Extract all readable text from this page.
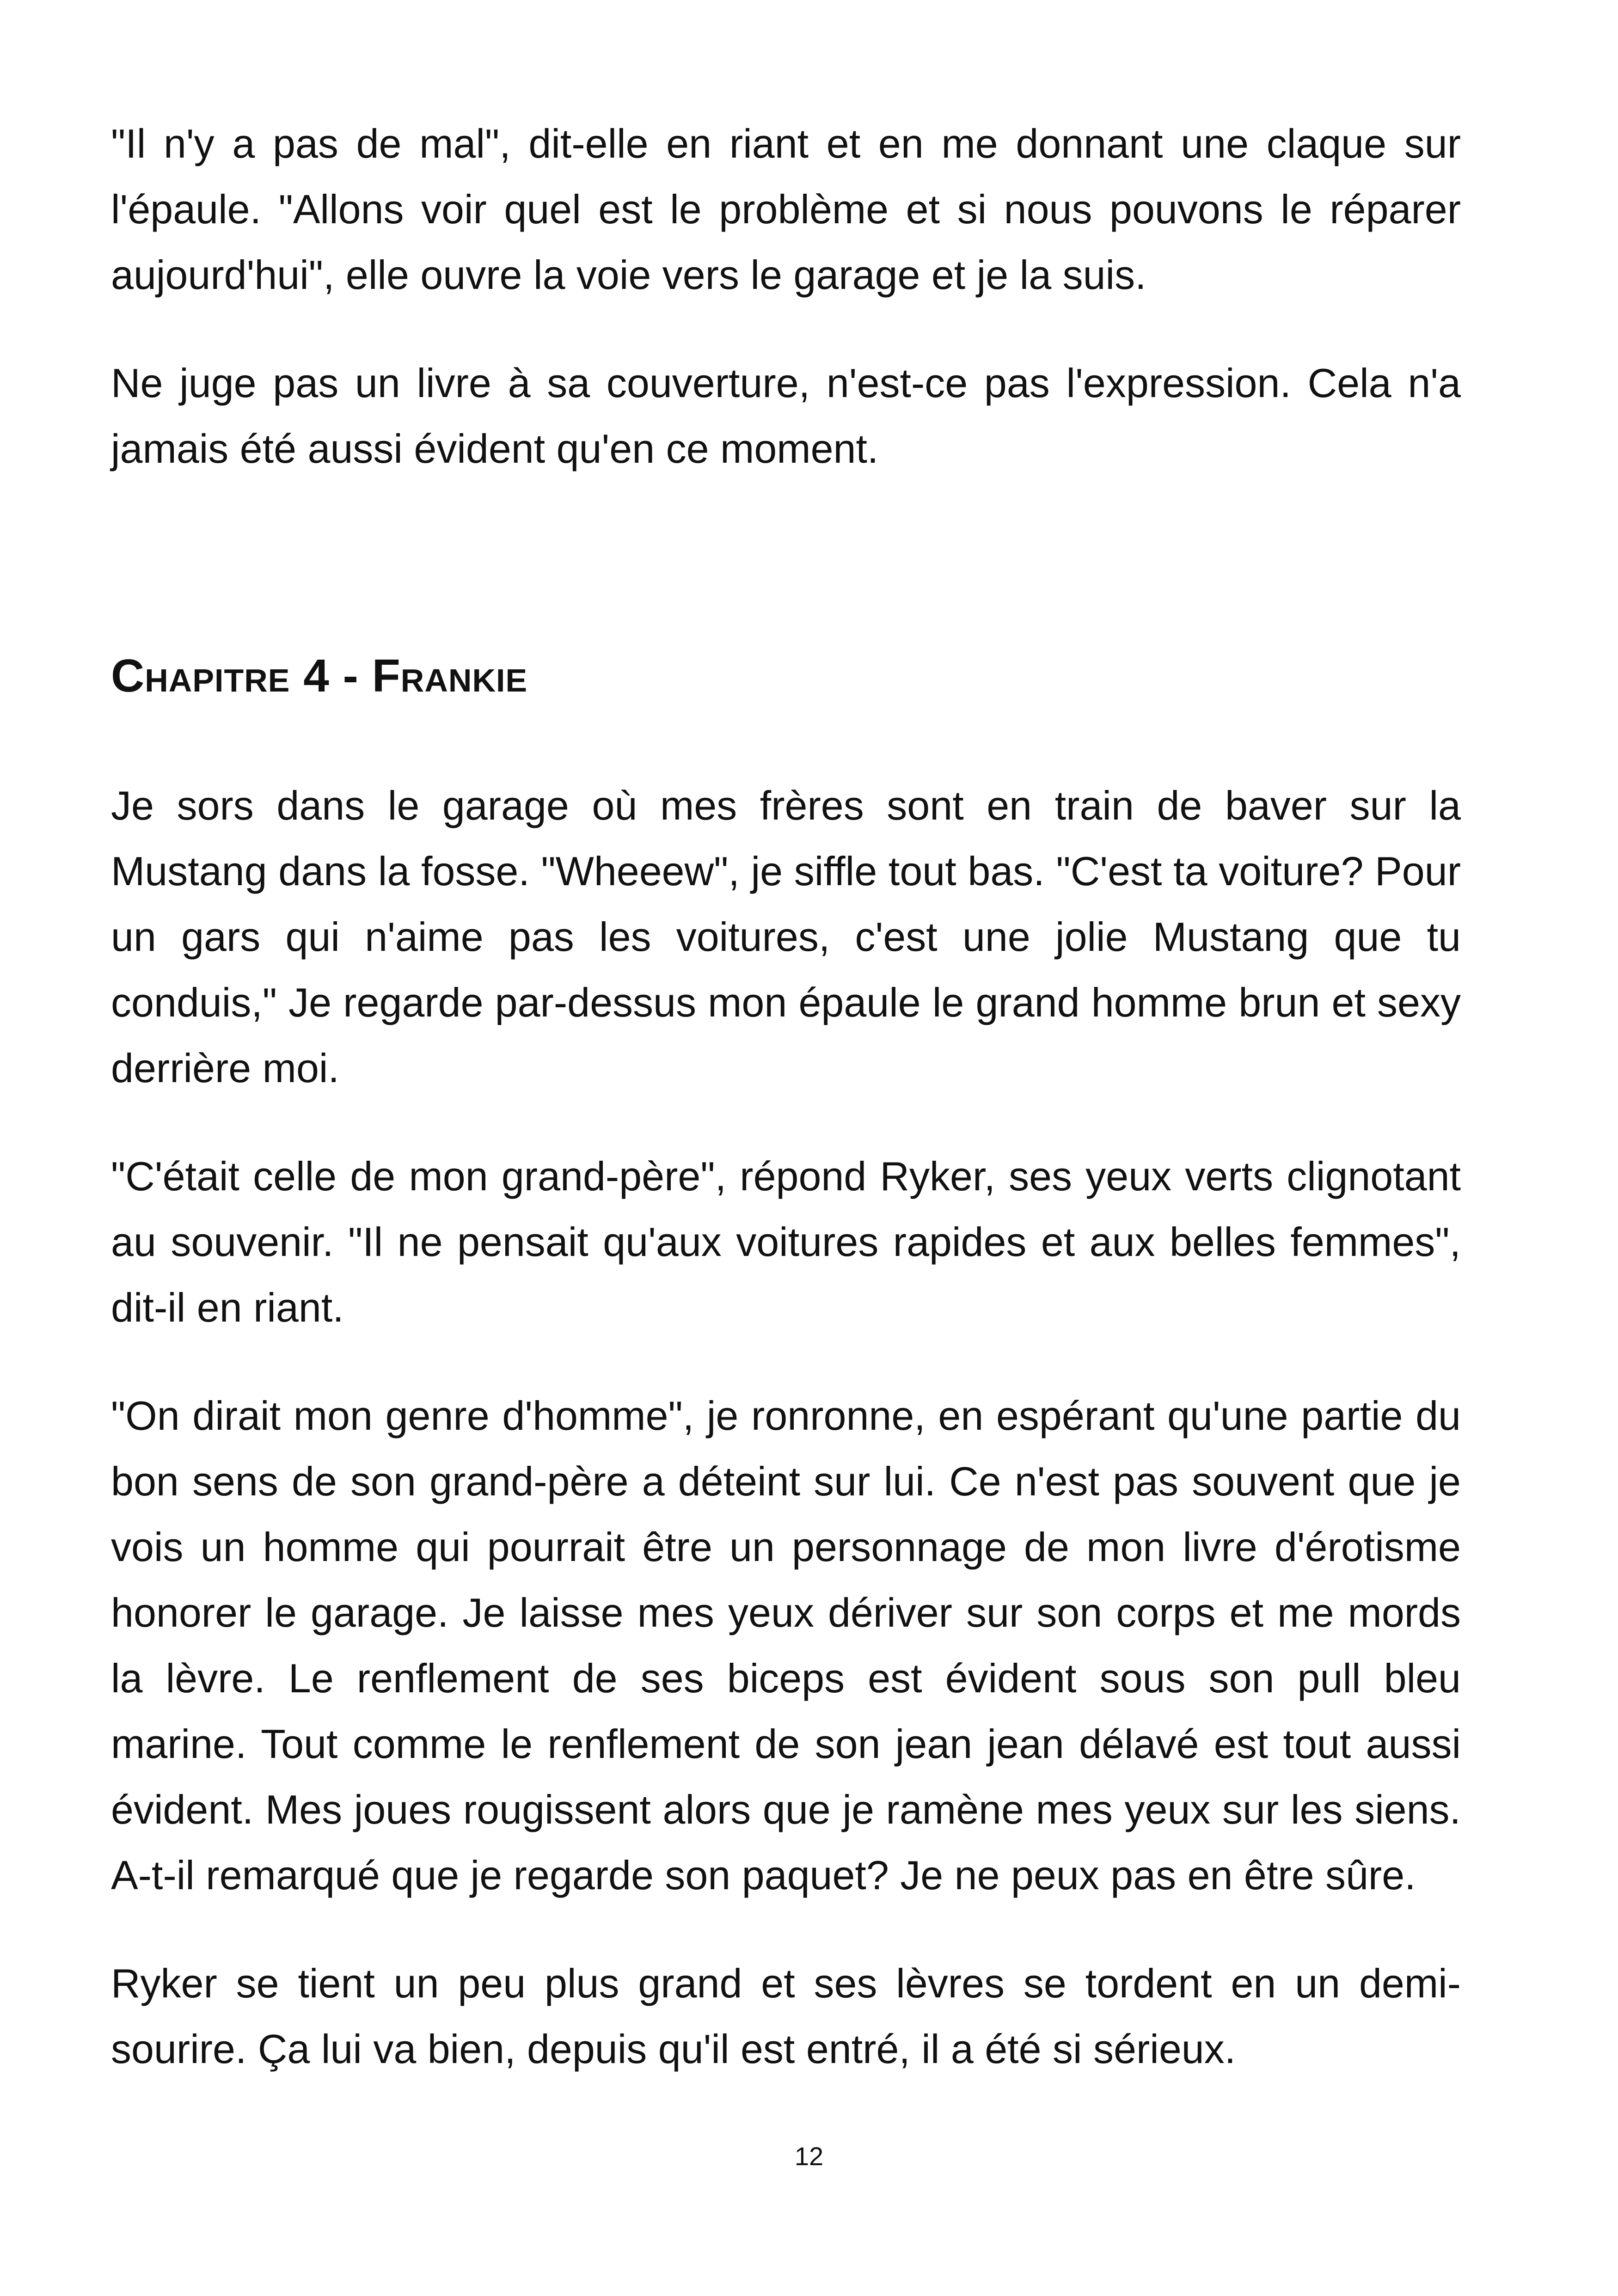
"Il n'y a pas de mal", dit-elle en riant et en me donnant une claque sur l'épaule. "Allons voir quel est le problème et si nous pouvons le réparer aujourd'hui", elle ouvre la voie vers le garage et je la suis.

Ne juge pas un livre à sa couverture, n'est-ce pas l'expression. Cela n'a jamais été aussi évident qu'en ce moment.

Chapitre 4 - Frankie

Je sors dans le garage où mes frères sont en train de baver sur la Mustang dans la fosse. "Wheeew", je siffle tout bas. "C'est ta voiture? Pour un gars qui n'aime pas les voitures, c'est une jolie Mustang que tu conduis," Je regarde par-dessus mon épaule le grand homme brun et sexy derrière moi.

"C'était celle de mon grand-père", répond Ryker, ses yeux verts clignotant au souvenir. "Il ne pensait qu'aux voitures rapides et aux belles femmes", dit-il en riant.

"On dirait mon genre d'homme", je ronronne, en espérant qu'une partie du bon sens de son grand-père a déteint sur lui. Ce n'est pas souvent que je vois un homme qui pourrait être un personnage de mon livre d'érotisme honorer le garage. Je laisse mes yeux dériver sur son corps et me mords la lèvre. Le renflement de ses biceps est évident sous son pull bleu marine. Tout comme le renflement de son jean jean délavé est tout aussi évident. Mes joues rougissent alors que je ramène mes yeux sur les siens. A-t-il remarqué que je regarde son paquet? Je ne peux pas en être sûre.

Ryker se tient un peu plus grand et ses lèvres se tordent en un demi-sourire. Ça lui va bien, depuis qu'il est entré, il a été si sérieux.

12
